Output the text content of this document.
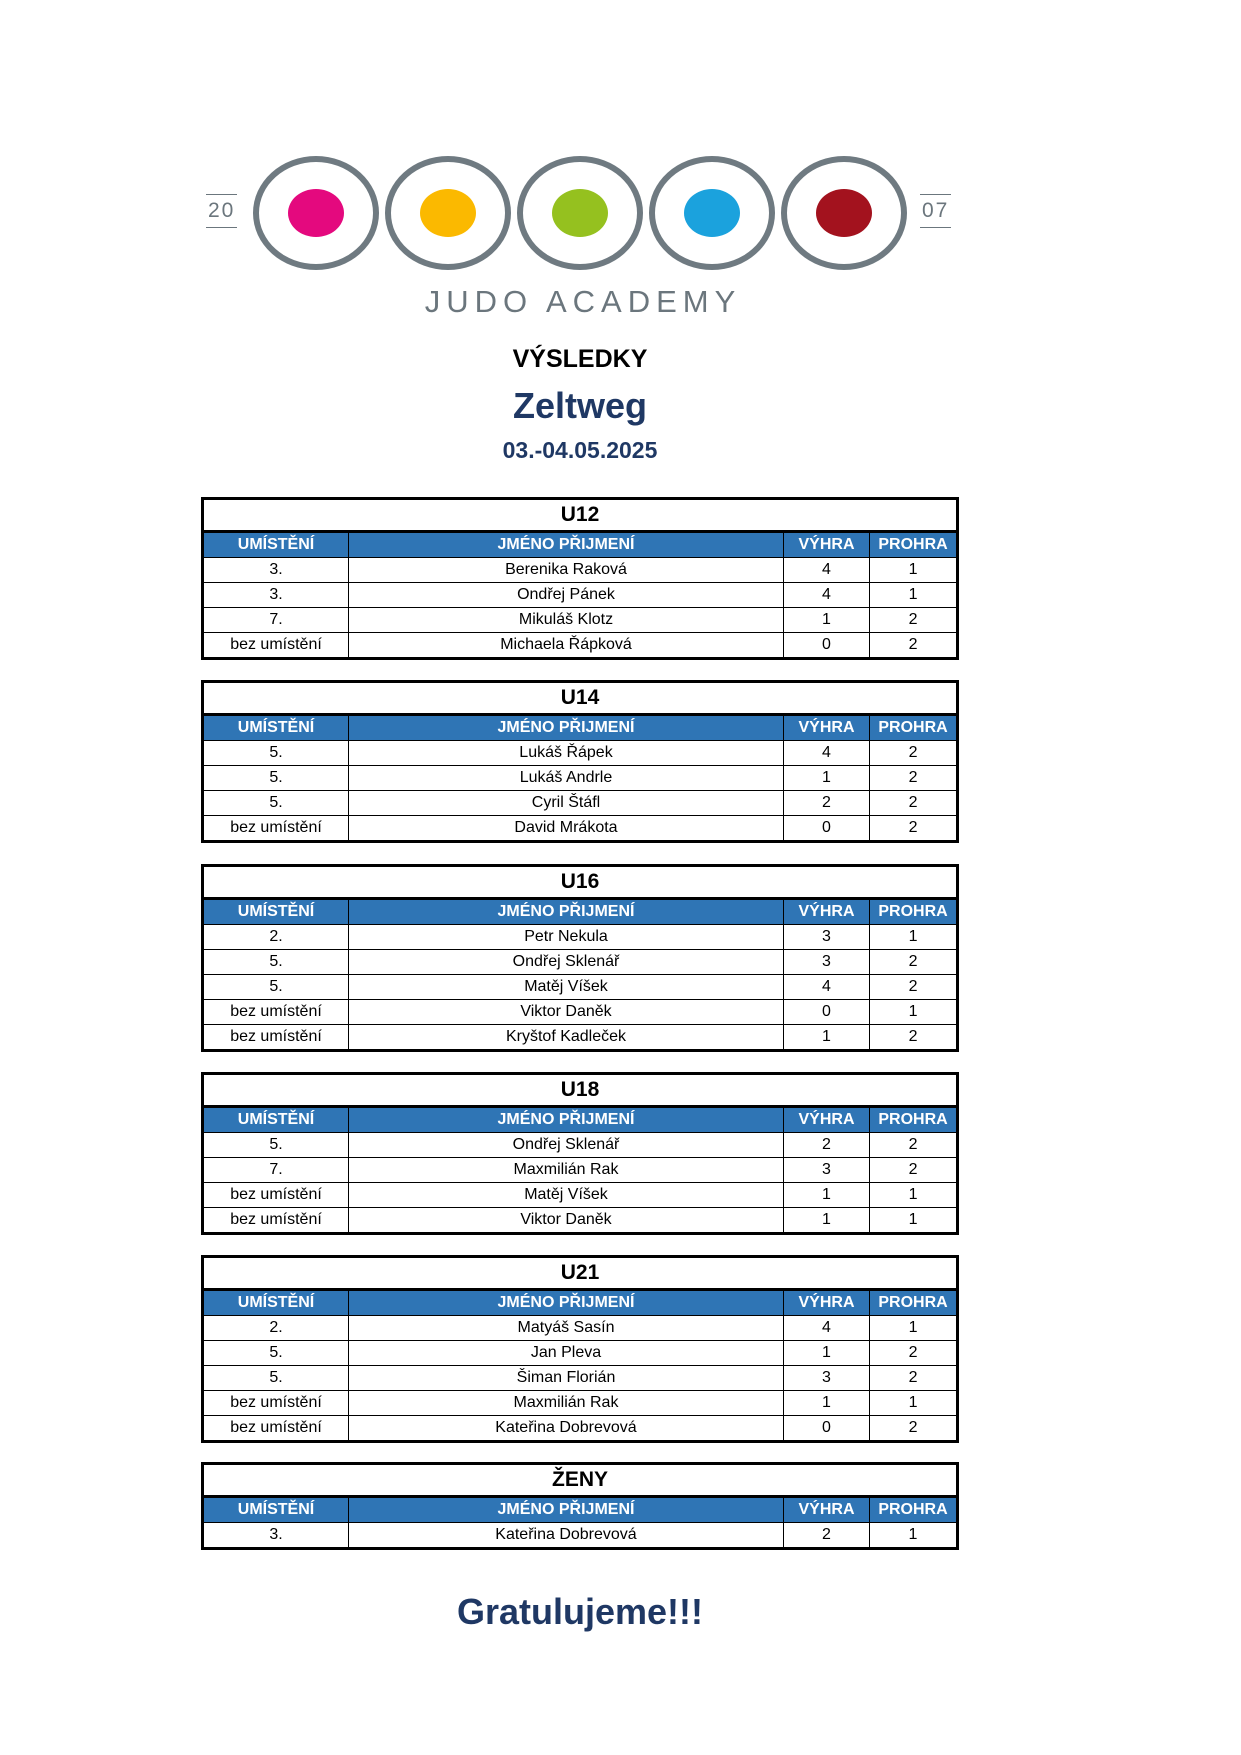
20	07
JUDO ACADEMY
VÝSLEDKY
Zeltweg
03.-04.05.2025
U12			
UMÍSTĚNÍ	JMÉNO PŘIJMENÍ	VÝHRA	PROHRA
3.	Berenika Raková	4	1
3.	Ondřej Pánek	4	1
7.	Mikuláš Klotz	1	2
bez umístění	Michaela Řápková	0	2
U14			
UMÍSTĚNÍ	JMÉNO PŘIJMENÍ	VÝHRA	PROHRA
5.	Lukáš Řápek	4	2
5.	Lukáš Andrle	1	2
5.	Cyril Štáfl	2	2
bez umístění	David Mrákota	0	2
U16			
UMÍSTĚNÍ	JMÉNO PŘIJMENÍ	VÝHRA	PROHRA
2.	Petr Nekula	3	1
5.	Ondřej Sklenář	3	2
5.	Matěj Víšek	4	2
bez umístění	Viktor Daněk	0	1
bez umístění	Kryštof Kadleček	1	2
U18			
UMÍSTĚNÍ	JMÉNO PŘIJMENÍ	VÝHRA	PROHRA
5.	Ondřej Sklenář	2	2
7.	Maxmilián Rak	3	2
bez umístění	Matěj Víšek	1	1
bez umístění	Viktor Daněk	1	1
U21			
UMÍSTĚNÍ	JMÉNO PŘIJMENÍ	VÝHRA	PROHRA
2.	Matyáš Sasín	4	1
5.	Jan Pleva	1	2
5.	Šiman Florián	3	2
bez umístění	Maxmilián Rak	1	1
bez umístění	Kateřina Dobrevová	0	2
ŽENY			
UMÍSTĚNÍ	JMÉNO PŘIJMENÍ	VÝHRA	PROHRA
3.	Kateřina Dobrevová	2	1
Gratulujeme!!!
